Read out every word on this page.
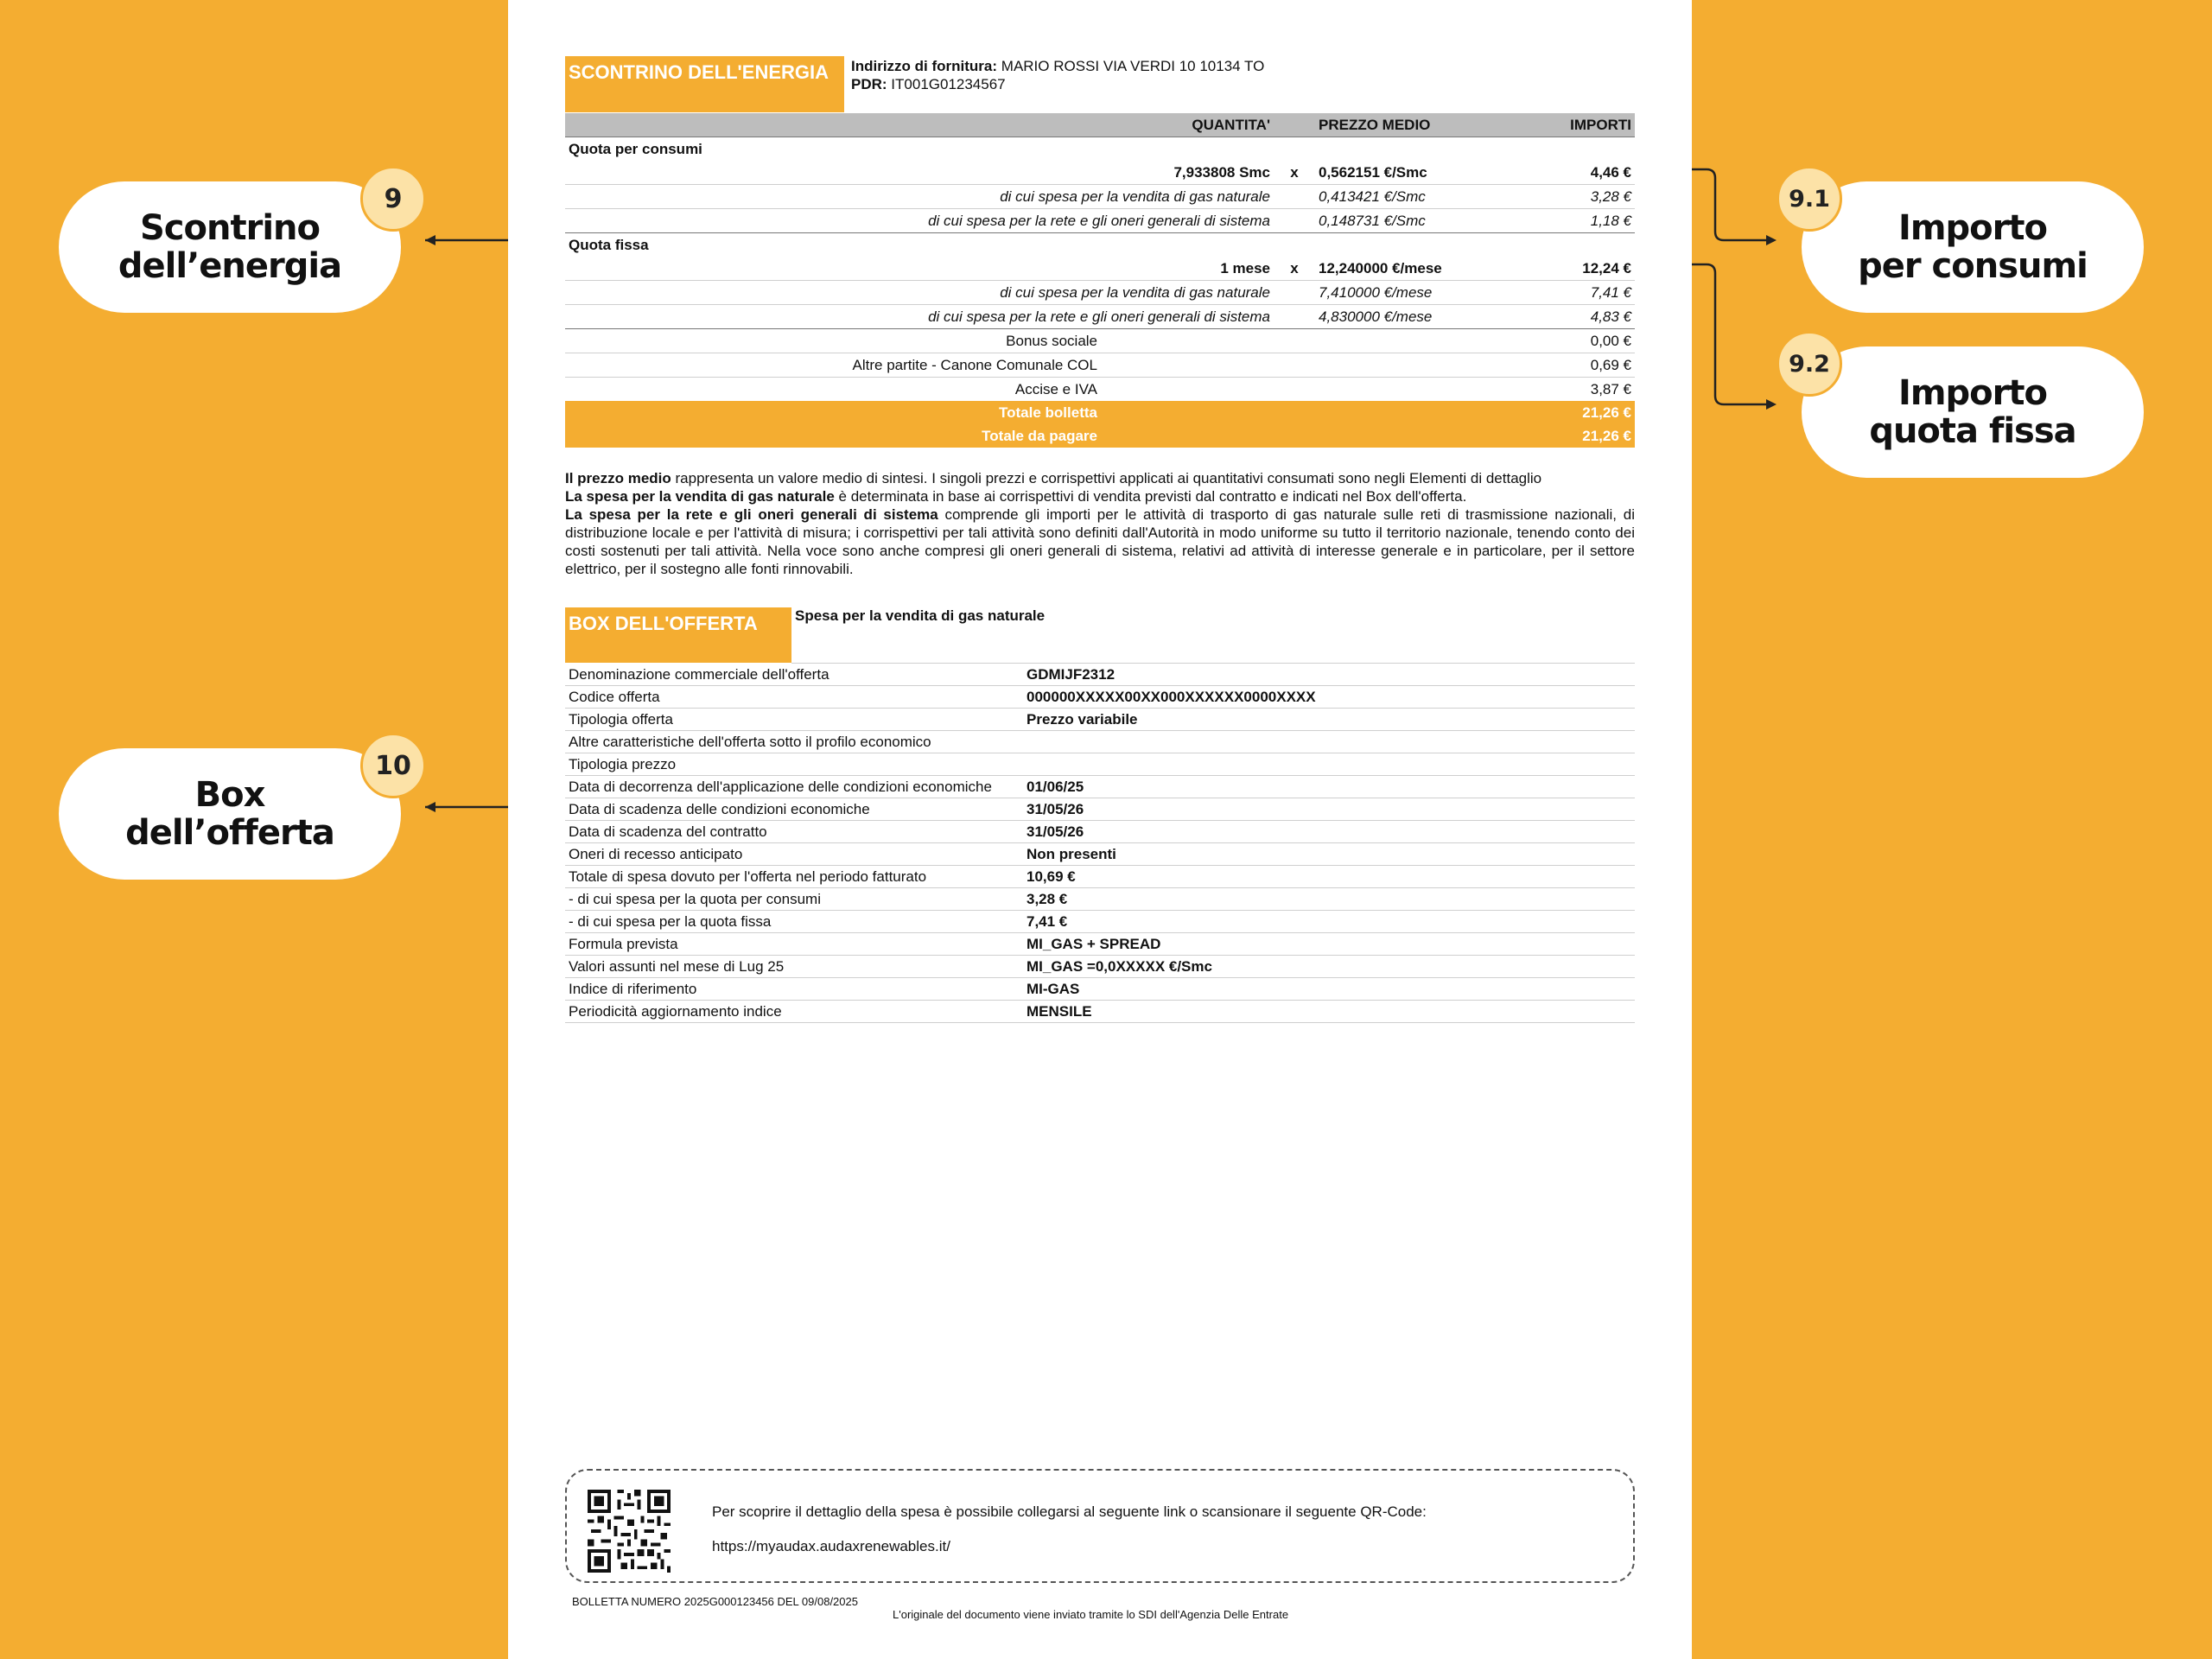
Scontrino
dell’energia
9
Box
dell’offerta
10
Importo
per consumi
9.1
Importo
quota fissa
9.2
SCONTRINO DELL'ENERGIA	Indirizzo di fornitura: MARIO ROSSI VIA VERDI 10 10134 TO
PDR: IT001G01234567
	QUANTITA'		PREZZO MEDIO	IMPORTI
Quota per consumi				
	7,933808 Smc	x	0,562151 €/Smc	4,46 €
di cui spesa per la vendita di gas naturale			0,413421 €/Smc	3,28 €
di cui spesa per la rete e gli oneri generali di sistema			0,148731 €/Smc	1,18 €
Quota fissa				
	1 mese	x	12,240000 €/mese	12,24 €
di cui spesa per la vendita di gas naturale			7,410000 €/mese	7,41 €
di cui spesa per la rete e gli oneri generali di sistema			4,830000 €/mese	4,83 €
Bonus sociale				0,00 €
Altre partite - Canone Comunale COL				0,69 €
Accise e IVA				3,87 €
Totale bolletta				21,26 €
Totale da pagare				21,26 €

Il prezzo medio rappresenta un valore medio di sintesi. I singoli prezzi e corrispettivi applicati ai quantitativi consumati sono negli Elementi di dettaglio

La spesa per la vendita di gas naturale è determinata in base ai corrispettivi di vendita previsti dal contratto e indicati nel Box dell'offerta.

La spesa per la rete e gli oneri generali di sistema comprende gli importi per le attività di trasporto di gas naturale sulle reti di trasmissione nazionali, di distribuzione locale e per l'attività di misura; i corrispettivi per tali attività sono definiti dall'Autorità in modo uniforme su tutto il territorio nazionale, tenendo conto dei costi sostenuti per tali attività. Nella voce sono anche compresi gli oneri generali di sistema, relativi ad attività di interesse generale e in particolare, per il settore elettrico, per il sostegno alle fonti rinnovabili.

BOX DELL'OFFERTA	Spesa per la vendita di gas naturale
Denominazione commerciale dell'offerta	GDMIJF2312
Codice offerta	000000XXXXX00XX000XXXXXX0000XXXX
Tipologia offerta	Prezzo variabile
Altre caratteristiche dell'offerta sotto il profilo economico	
Tipologia prezzo	
Data di decorrenza dell'applicazione delle condizioni economiche	01/06/25
Data di scadenza delle condizioni economiche	31/05/26
Data di scadenza del contratto	31/05/26
Oneri di recesso anticipato	Non presenti
Totale di spesa dovuto per l'offerta nel periodo fatturato	10,69 €
- di cui spesa per la quota per consumi	3,28 €
- di cui spesa per la quota fissa	7,41 €
Formula prevista	MI_GAS + SPREAD
Valori assunti nel mese di Lug 25	MI_GAS =0,0XXXXX €/Smc
Indice di riferimento	MI-GAS
Periodicità aggiornamento indice	MENSILE
Per scoprire il dettaglio della spesa è possibile collegarsi al seguente link o scansionare il seguente QR-Code:
https://myaudax.audaxrenewables.it/
BOLLETTA NUMERO 2025G000123456 DEL 09/08/2025
L'originale del documento viene inviato tramite lo SDI dell'Agenzia Delle Entrate
